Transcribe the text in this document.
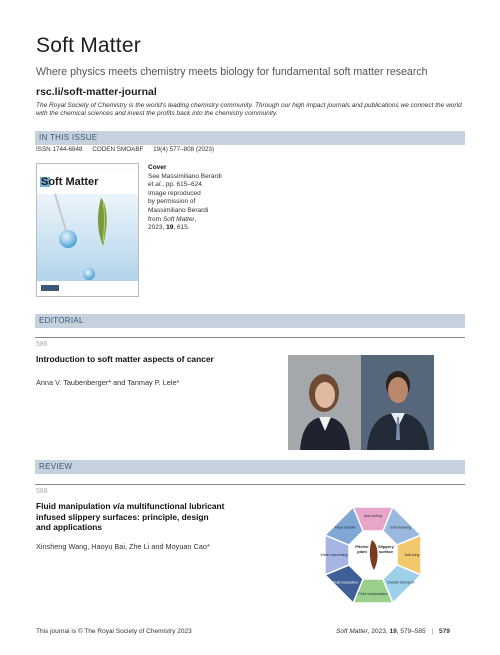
Soft Matter
Where physics meets chemistry meets biology for fundamental soft matter research
rsc.li/soft-matter-journal
The Royal Society of Chemistry is the world's leading chemistry community. Through our high impact journals and publications we connect the world with the chemical sciences and invest the profits back into the chemistry community.
IN THIS ISSUE
ISSN 1744-6848 CODEN SMOABF 19(4) 577–808 (2023)
Soft Matter
Cover
See Massimiliano Berardi
et al., pp. 615–624.
Image reproduced
by permission of
Massimiliano Berardi
from Soft Matter,
2023, 19, 615.
EDITORIAL
586
Introduction to soft matter aspects of cancer
Anna V. Taubenberger* and Tanmay P. Lele*
REVIEW
588
Fluid manipulation via multifunctional lubricant
infused slippery surfaces: principle, design
and applications
Xinsheng Wang, Haoyu Bai, Zhe Li and Moyuan Cao*
Anti-fouling
Self-cleaning
Anti-icing
Droplet transport
Fluid manipulation
Fluid separation
Water harvesting
Heat transfer
Pitcher plant
Slippery surface
This journal is © The Royal Society of Chemistry 2023	Soft Matter, 2023, 19, 579–585 | 579
